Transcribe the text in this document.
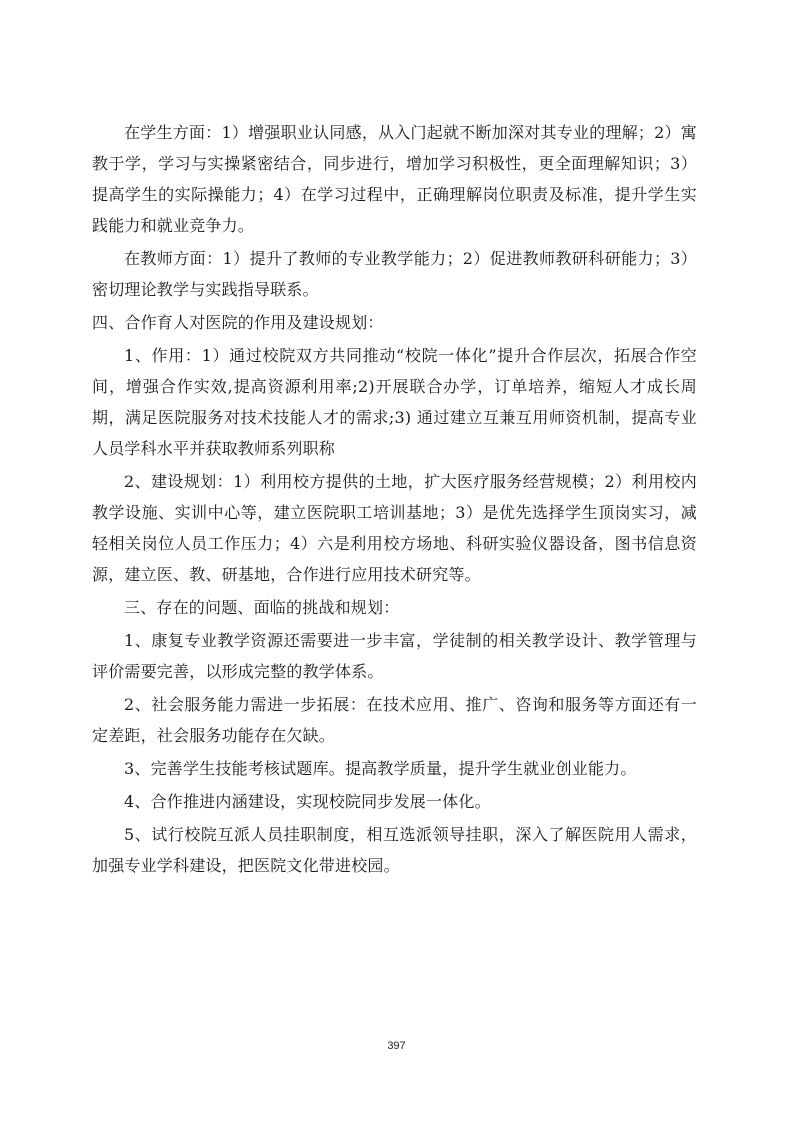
在学生方面：1）增强职业认同感，从入门起就不断加深对其专业的理解；2）寓教于学，学习与实操紧密结合，同步进行，增加学习积极性，更全面理解知识；3）提高学生的实际操能力；4）在学习过程中，正确理解岗位职责及标准，提升学生实践能力和就业竞争力。

在教师方面：1）提升了教师的专业教学能力；2）促进教师教研科研能力；3）密切理论教学与实践指导联系。

四、合作育人对医院的作用及建设规划：

1、作用：1）通过校院双方共同推动“校院一体化”提升合作层次，拓展合作空间，增强合作实效,提高资源利用率;2)开展联合办学，订单培养，缩短人才成长周期，满足医院服务对技术技能人才的需求;3) 通过建立互兼互用师资机制，提高专业人员学科水平并获取教师系列职称

2、建设规划：1）利用校方提供的土地，扩大医疗服务经营规模；2）利用校内教学设施、实训中心等，建立医院职工培训基地；3）是优先选择学生顶岗实习，减轻相关岗位人员工作压力；4）六是利用校方场地、科研实验仪器设备，图书信息资源，建立医、教、研基地，合作进行应用技术研究等。

三、存在的问题、面临的挑战和规划：

1、康复专业教学资源还需要进一步丰富，学徒制的相关教学设计、教学管理与评价需要完善，以形成完整的教学体系。

2、社会服务能力需进一步拓展：在技术应用、推广、咨询和服务等方面还有一定差距，社会服务功能存在欠缺。

3、完善学生技能考核试题库。提高教学质量，提升学生就业创业能力。

4、合作推进内涵建设，实现校院同步发展一体化。

5、试行校院互派人员挂职制度，相互选派领导挂职，深入了解医院用人需求，加强专业学科建设，把医院文化带进校园。

397
